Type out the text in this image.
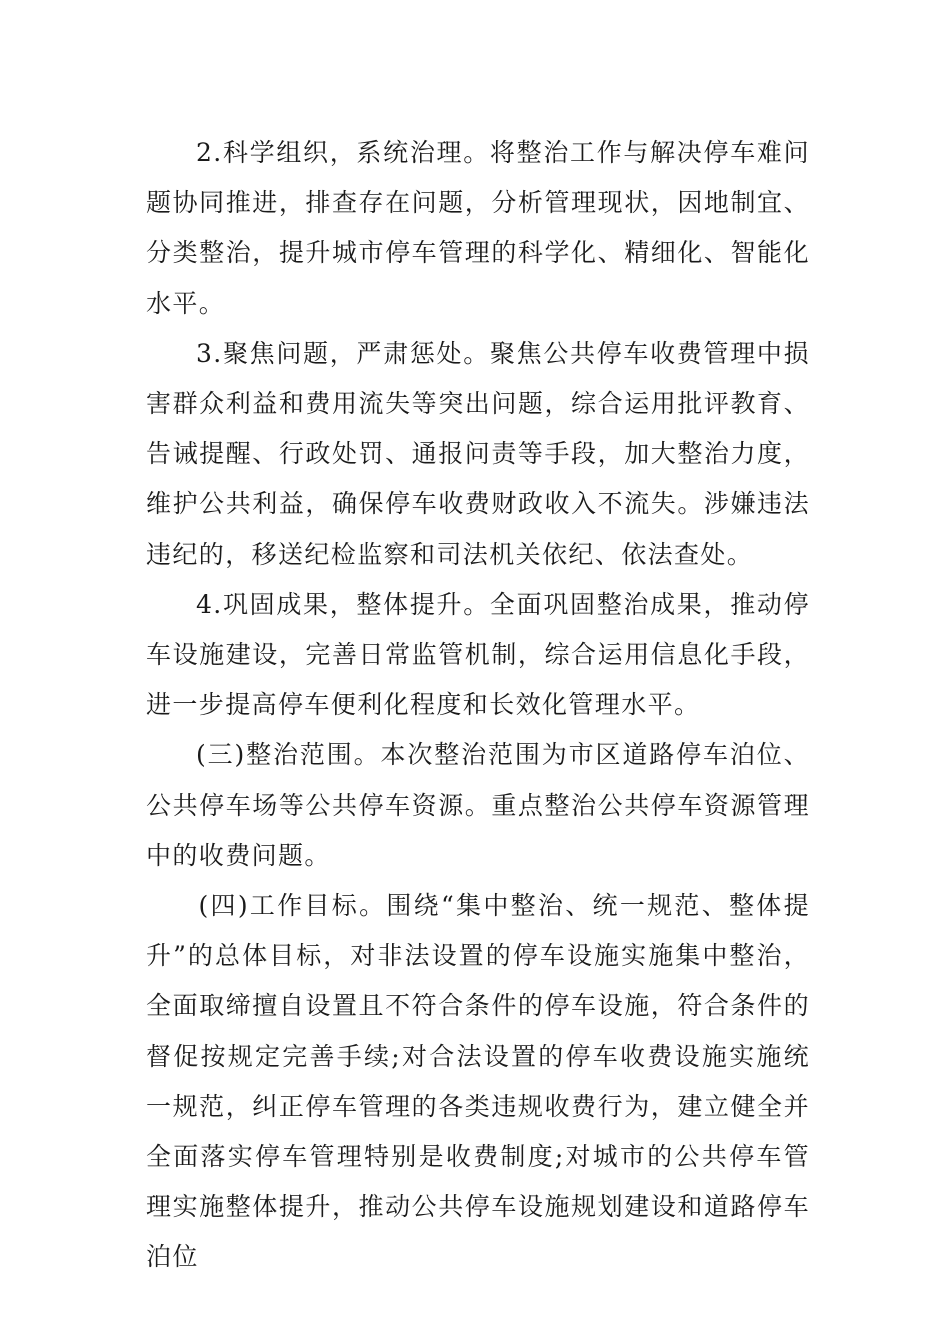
2.科学组织，系统治理。将整治工作与解决停车难问题协同推进，排查存在问题，分析管理现状，因地制宜、分类整治，提升城市停车管理的科学化、精细化、智能化水平。

3.聚焦问题，严肃惩处。聚焦公共停车收费管理中损害群众利益和费用流失等突出问题，综合运用批评教育、告诫提醒、行政处罚、通报问责等手段，加大整治力度，维护公共利益，确保停车收费财政收入不流失。涉嫌违法违纪的，移送纪检监察和司法机关依纪、依法查处。

4.巩固成果，整体提升。全面巩固整治成果，推动停车设施建设，完善日常监管机制，综合运用信息化手段，进一步提高停车便利化程度和长效化管理水平。

(三)整治范围。本次整治范围为市区道路停车泊位、公共停车场等公共停车资源。重点整治公共停车资源管理中的收费问题。

(四)工作目标。围绕“集中整治、统一规范、整体提升”的总体目标，对非法设置的停车设施实施集中整治，全面取缔擅自设置且不符合条件的停车设施，符合条件的督促按规定完善手续;对合法设置的停车收费设施实施统一规范，纠正停车管理的各类违规收费行为，建立健全并全面落实停车管理特别是收费制度;对城市的公共停车管理实施整体提升，推动公共停车设施规划建设和道路停车泊位
